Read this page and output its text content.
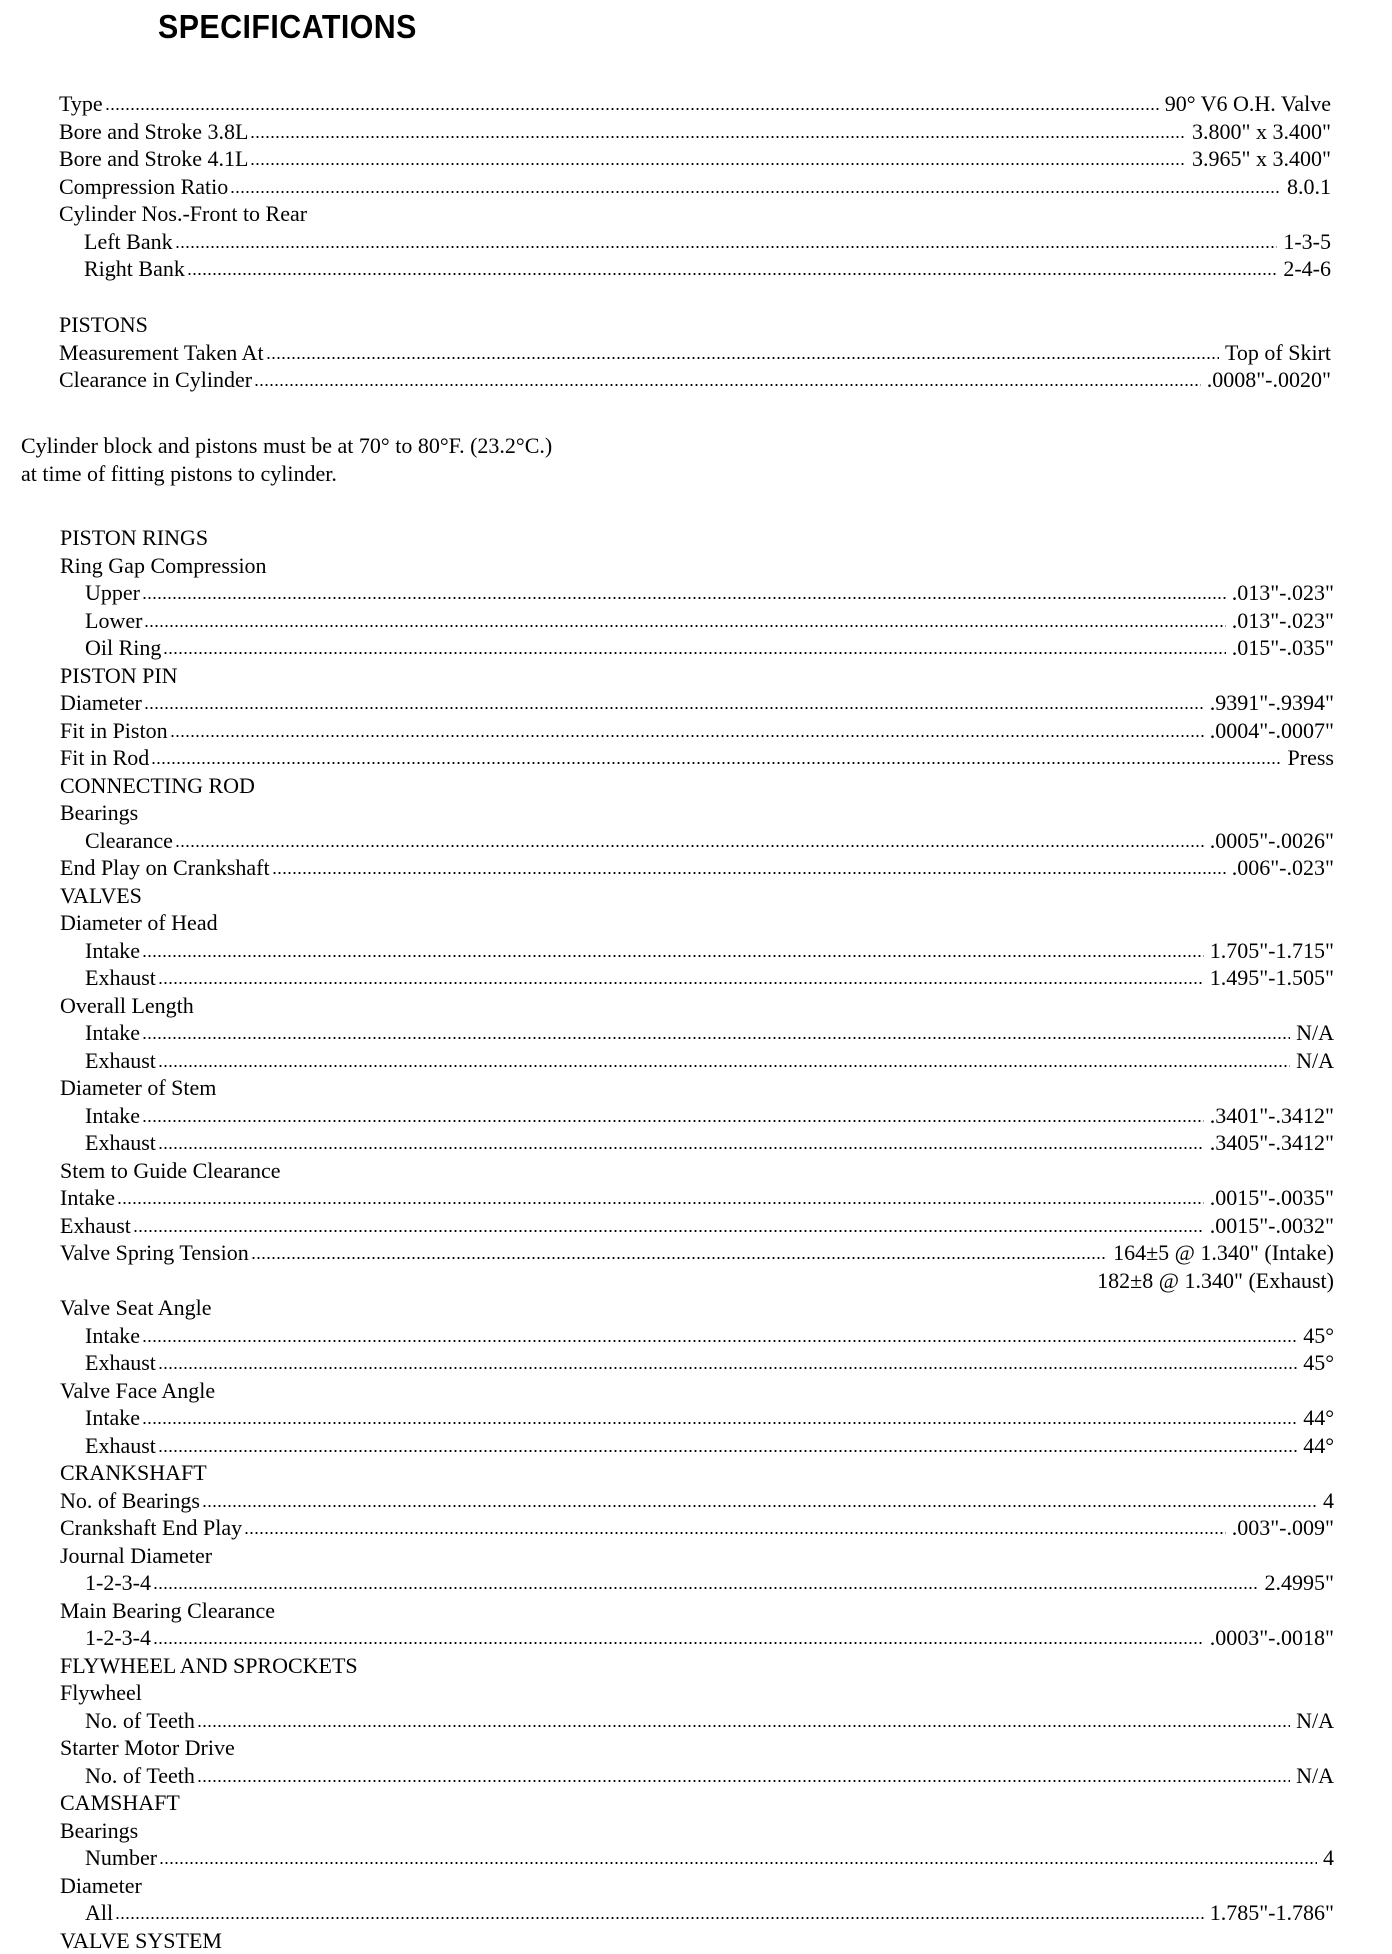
SPECIFICATIONS
Type	90° V6 O.H. Valve
Bore and Stroke 3.8L	3.800" x 3.400"
Bore and Stroke 4.1L	3.965" x 3.400"
Compression Ratio	8.0.1
Cylinder Nos.-Front to Rear
Left Bank	1-3-5
Right Bank	2-4-6
PISTONS
Measurement Taken At	Top of Skirt
Clearance in Cylinder	.0008"-.0020"
Cylinder block and pistons must be at 70° to 80°F. (23.2°C.)
at time of fitting pistons to cylinder.
PISTON RINGS
Ring Gap Compression
Upper	.013"-.023"
Lower	.013"-.023"
Oil Ring	.015"-.035"
PISTON PIN
Diameter	.9391"-.9394"
Fit in Piston	.0004"-.0007"
Fit in Rod	Press
CONNECTING ROD
Bearings
Clearance	.0005"-.0026"
End Play on Crankshaft	.006"-.023"
VALVES
Diameter of Head
Intake	1.705"-1.715"
Exhaust	1.495"-1.505"
Overall Length
Intake	N/A
Exhaust	N/A
Diameter of Stem
Intake	.3401"-.3412"
Exhaust	.3405"-.3412"
Stem to Guide Clearance
Intake	.0015"-.0035"
Exhaust	.0015"-.0032"
Valve Spring Tension	164±5 @ 1.340" (Intake)
182±8 @ 1.340" (Exhaust)
Valve Seat Angle
Intake	45°
Exhaust	45°
Valve Face Angle
Intake	44°
Exhaust	44°
CRANKSHAFT
No. of Bearings	4
Crankshaft End Play	.003"-.009"
Journal Diameter
1-2-3-4	2.4995"
Main Bearing Clearance
1-2-3-4	.0003"-.0018"
FLYWHEEL AND SPROCKETS
Flywheel
No. of Teeth	N/A
Starter Motor Drive
No. of Teeth	N/A
CAMSHAFT
Bearings
Number	4
Diameter
All	1.785"-1.786"
VALVE SYSTEM
